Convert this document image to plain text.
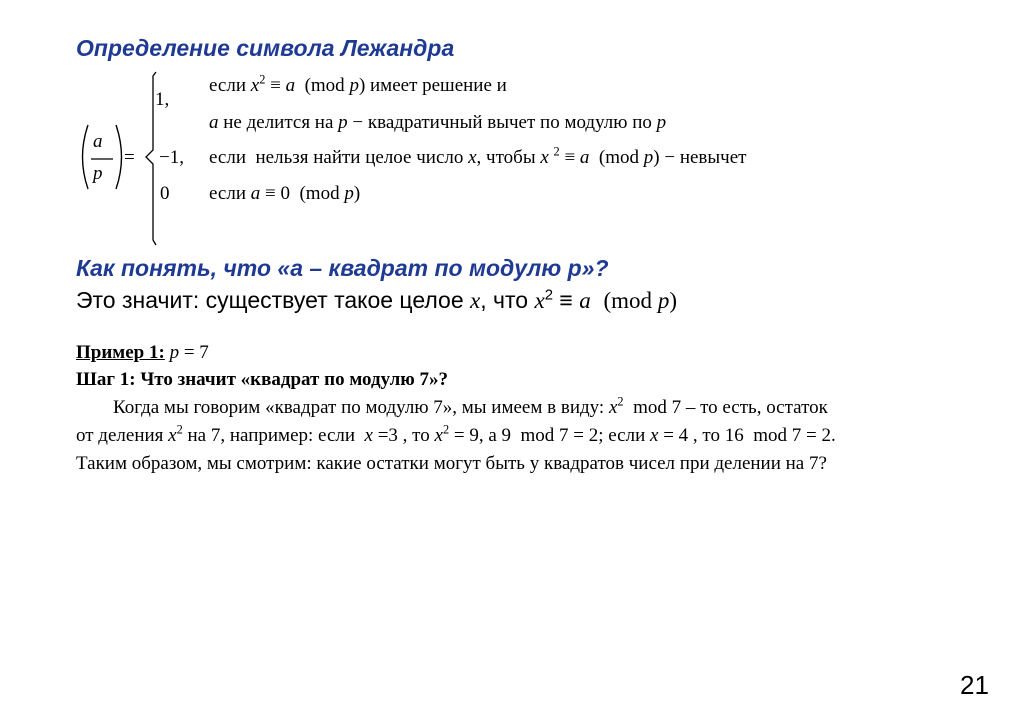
Определение символа Лежандра
a
p
=
1,
−1,
0
если $x^2 \equiv a$  (mod p) имеет решение и
a не делится на p − квадратичный вычет по модулю по p
если  нельзя найти целое число x, чтобы x $^2$ ≡ a  (mod p) − невычет
если a ≡ 0  (mod p)
Как понять, что «a – квадрат по модулю p»?
Это значит: существует такое целое x, что $x^2 \equiv a$ (mod p)
Пример 1: p = 7
Шаг 1: Что значит «квадрат по модулю 7»?
Когда мы говорим «квадрат по модулю 7», мы имеем в виду: $x^2$  mod 7 – то есть, остаток
от деления $x^2$ на 7, например: если  x =3 , то $x^2 = 9$, а 9  mod 7 = 2; если x = 4 , то 16  mod 7 = 2.
Таким образом, мы смотрим: какие остатки могут быть у квадратов чисел при делении на 7?
21
